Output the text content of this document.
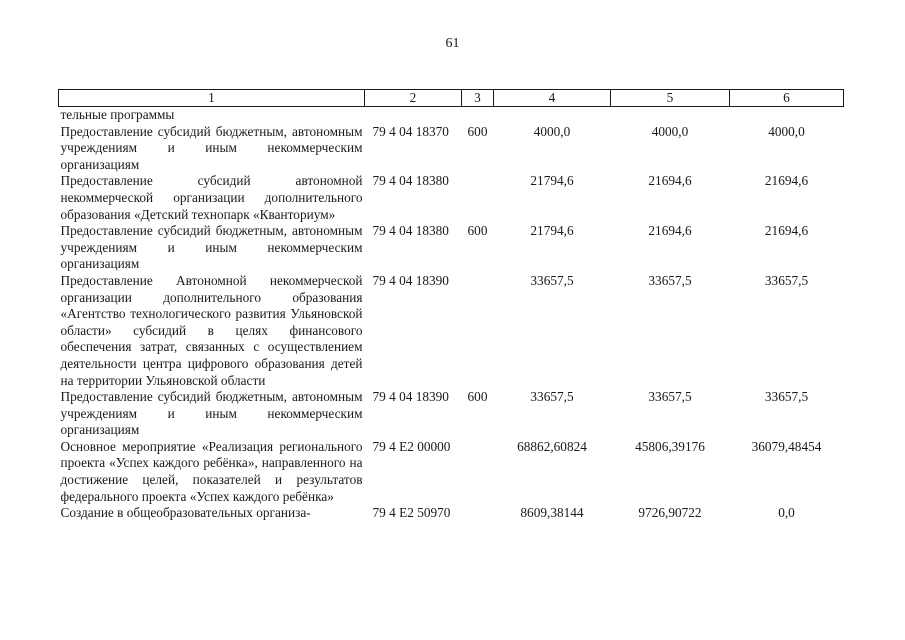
61
1	2	3	4	5	6
тельные программы					
Предоставление субсидий бюджетным, автономным учреждениям и иным некоммерческим организациям	79 4 04 18370	600	4000,0	4000,0	4000,0
Предоставление субсидий автономной некоммерческой организации дополнительного образования «Детский технопарк «Кванториум»	79 4 04 18380		21794,6	21694,6	21694,6
Предоставление субсидий бюджетным, автономным учреждениям и иным некоммерческим организациям	79 4 04 18380	600	21794,6	21694,6	21694,6
Предоставление Автономной некоммерческой организации дополнительного образования «Агентство технологического развития Ульяновской области» субсидий в целях финансового обеспечения затрат, связанных с осуществлением деятельности центра цифрового образования детей на территории Ульяновской области	79 4 04 18390		33657,5	33657,5	33657,5
Предоставление субсидий бюджетным, автономным учреждениям и иным некоммерческим организациям	79 4 04 18390	600	33657,5	33657,5	33657,5
Основное мероприятие «Реализация регионального проекта «Успех каждого ребёнка», направленного на достижение целей, показателей и результатов федерального проекта «Успех каждого ребёнка»	79 4 E2 00000		68862,60824	45806,39176	36079,48454
Создание в общеобразовательных организа-	79 4 E2 50970		8609,38144	9726,90722	0,0
